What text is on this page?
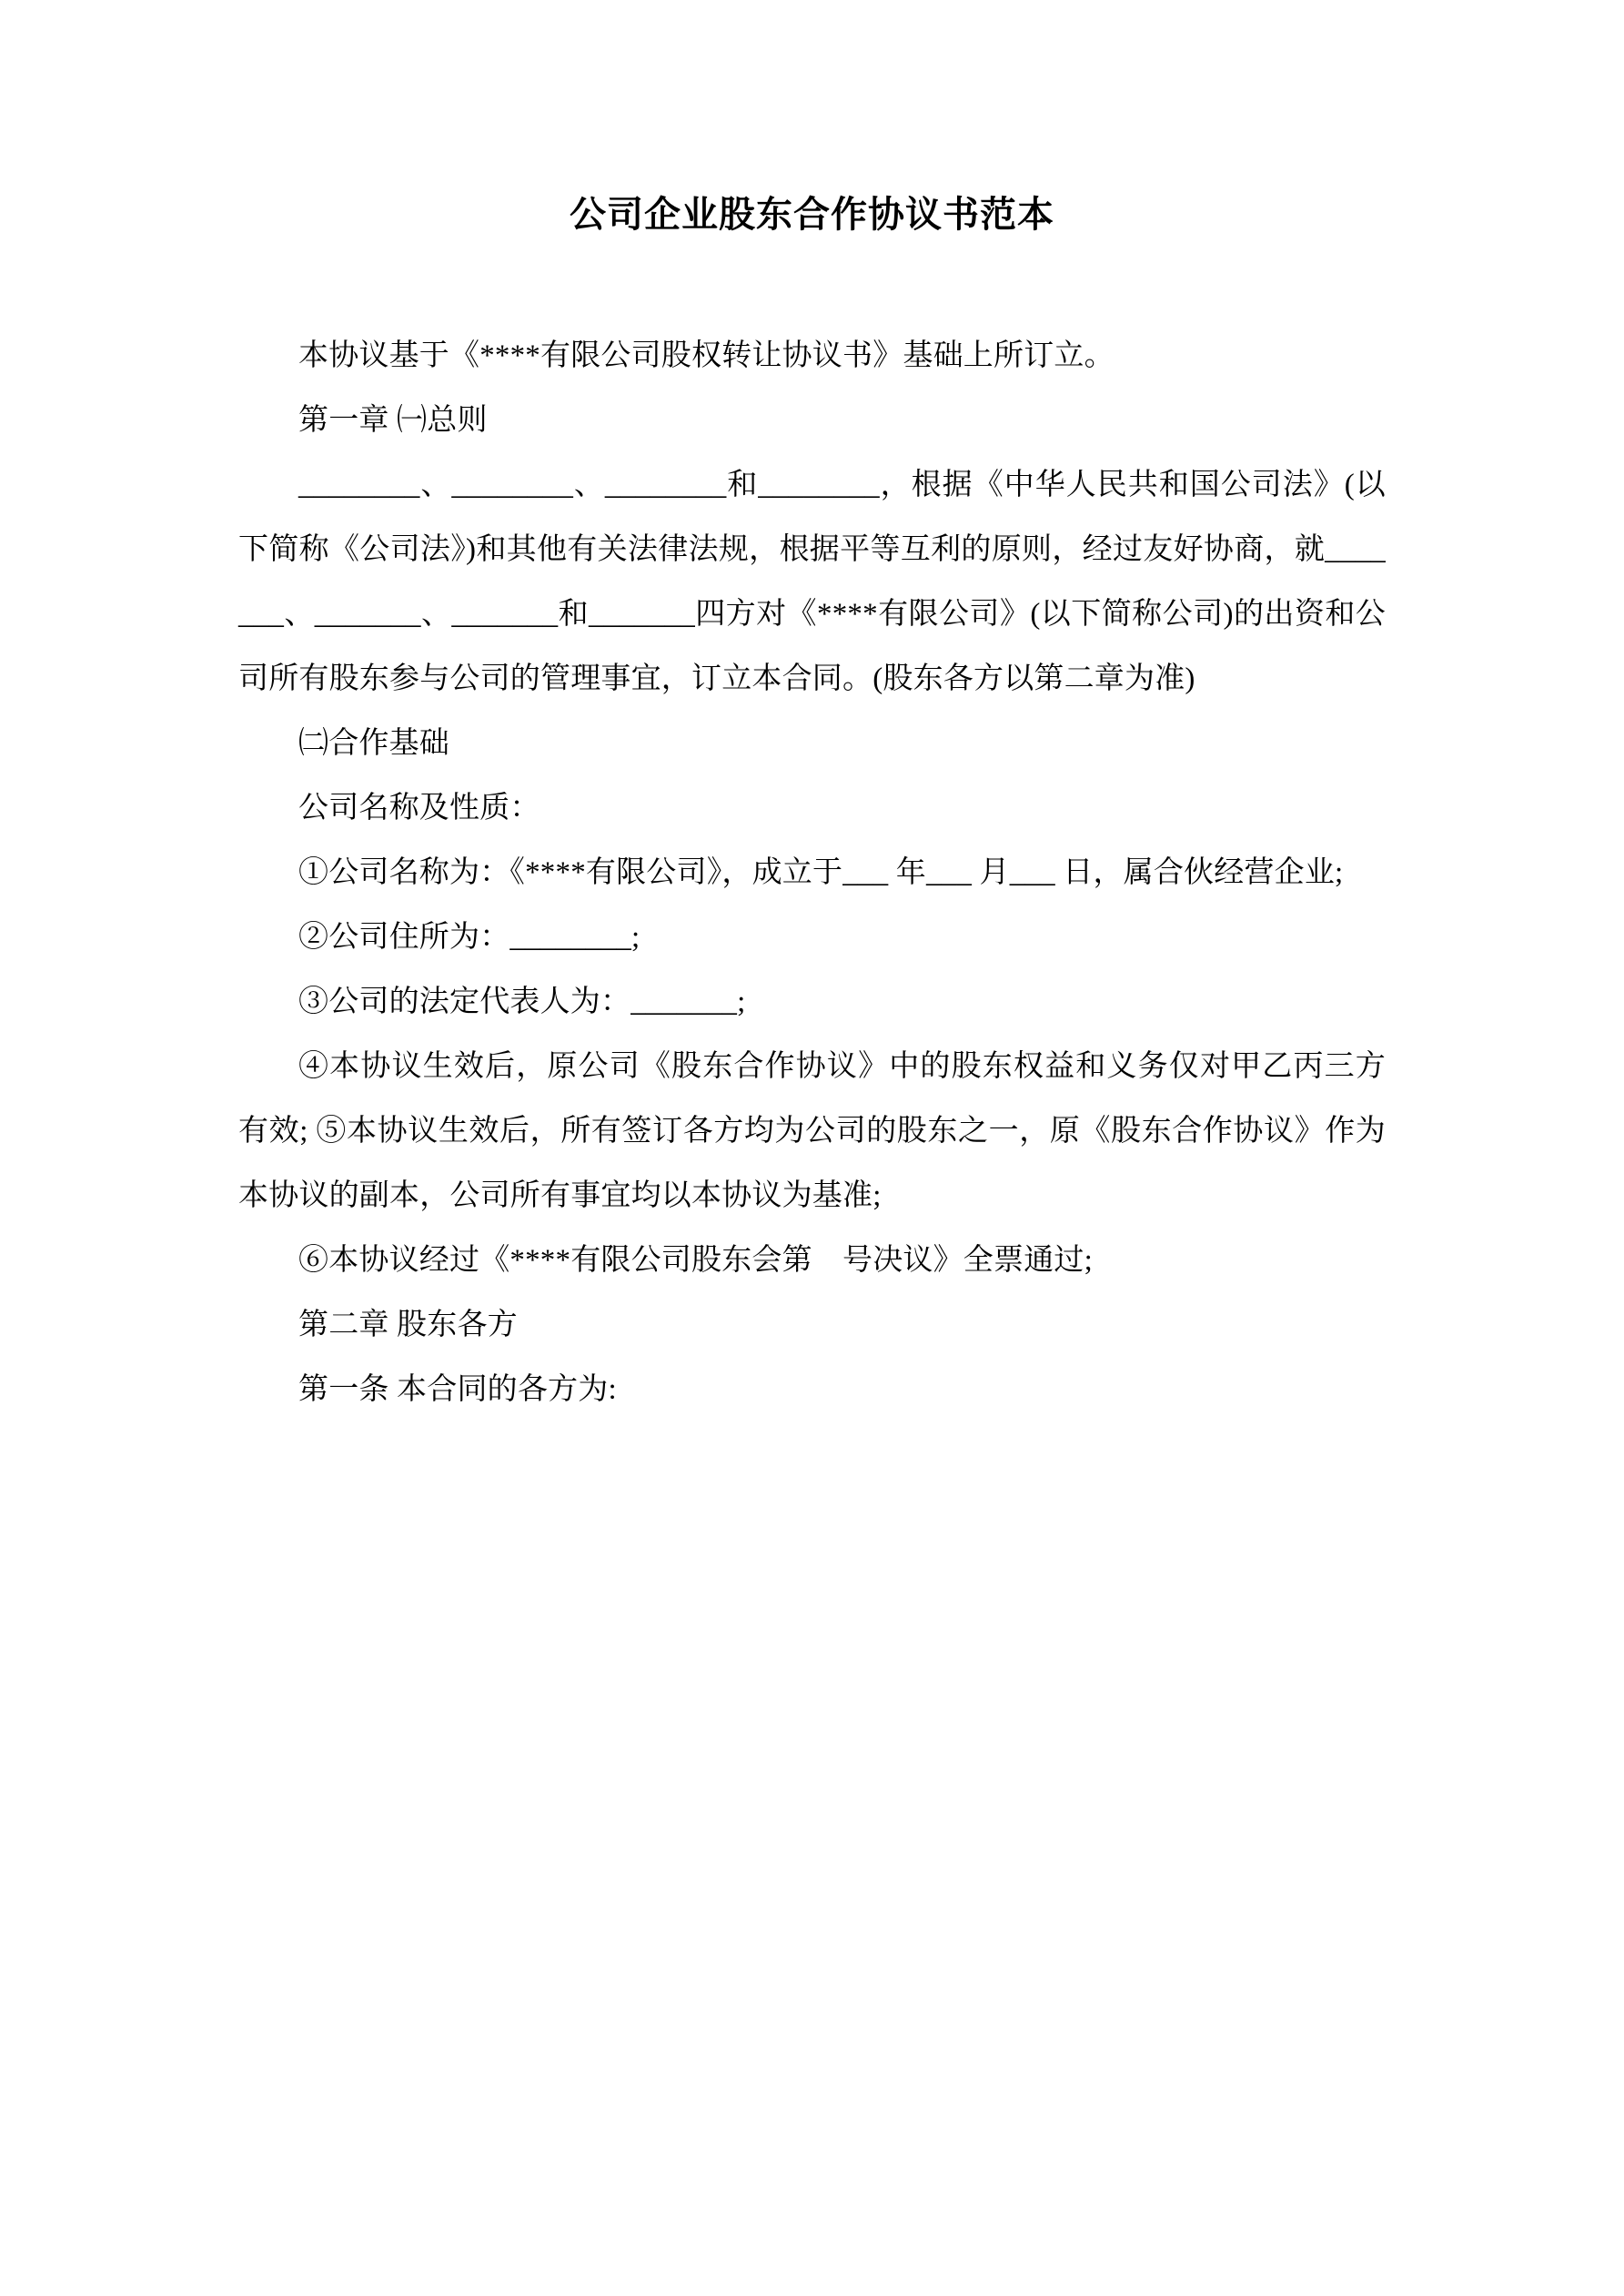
公司企业股东合作协议书范本

本协议基于《****有限公司股权转让协议书》基础上所订立。

第一章 ㈠总则

________、________、________和________，根据《中华人民共和国公司法》(以下简称《公司法》)和其他有关法律法规，根据平等互利的原则，经过友好协商，就_______、_______、_______和_______四方对《****有限公司》(以下简称公司)的出资和公司所有股东参与公司的管理事宜，订立本合同。(股东各方以第二章为准)

㈡合作基础

公司名称及性质：

①公司名称为：《****有限公司》，成立于___ 年___ 月___ 日，属合伙经营企业;

②公司住所为：________;

③公司的法定代表人为：_______;

④本协议生效后，原公司《股东合作协议》中的股东权益和义务仅对甲乙丙三方有效; ⑤本协议生效后，所有签订各方均为公司的股东之一，原《股东合作协议》作为本协议的副本，公司所有事宜均以本协议为基准;

⑥本协议经过《****有限公司股东会第　号决议》全票通过;

第二章 股东各方

第一条 本合同的各方为:
